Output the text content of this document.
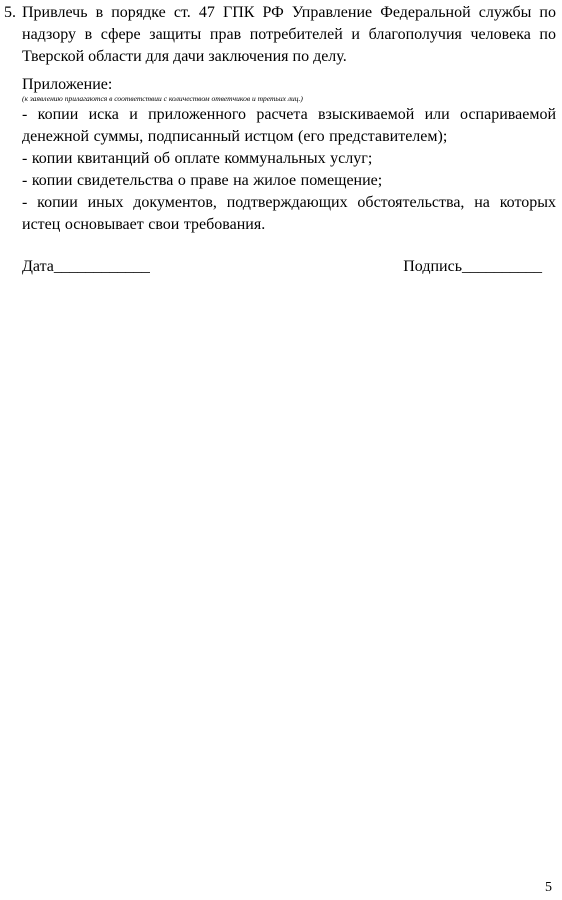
5. Привлечь в порядке ст. 47 ГПК РФ Управление Федеральной службы по надзору в сфере защиты прав потребителей и благополучия человека по Тверской области для дачи заключения по делу.
Приложение:
(к заявлению прилагаются в соответствии с количеством ответчиков и третьих лиц.)
- копии иска и приложенного расчета взыскиваемой или оспариваемой денежной суммы, подписанный истцом (его представителем);
- копии квитанций об оплате коммунальных услуг;
- копии свидетельства о праве на жилое помещение;
- копии иных документов, подтверждающих обстоятельства, на которых истец основывает свои требования.
Дата____________	Подпись__________
5
